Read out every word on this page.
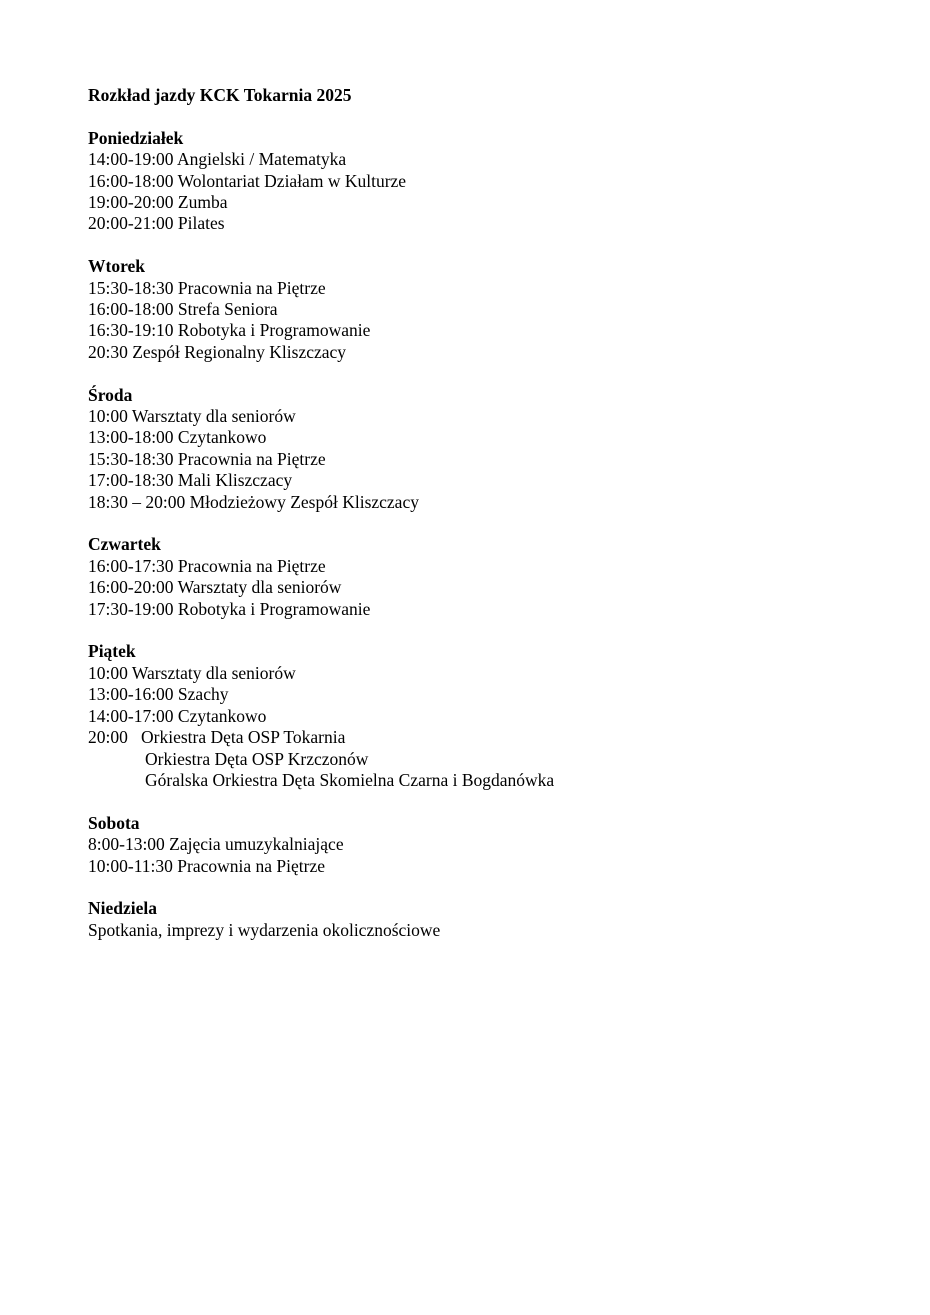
Rozkład jazdy KCK Tokarnia 2025
Poniedziałek

14:00-19:00 Angielski / Matematyka

16:00-18:00 Wolontariat Działam w Kulturze

19:00-20:00 Zumba

20:00-21:00 Pilates

Wtorek

15:30-18:30 Pracownia na Piętrze

16:00-18:00 Strefa Seniora

16:30-19:10 Robotyka i Programowanie

20:30 Zespół Regionalny Kliszczacy

Środa

10:00 Warsztaty dla seniorów

13:00-18:00 Czytankowo

15:30-18:30 Pracownia na Piętrze

17:00-18:30 Mali Kliszczacy

18:30 – 20:00 Młodzieżowy Zespół Kliszczacy

Czwartek

16:00-17:30 Pracownia na Piętrze

16:00-20:00 Warsztaty dla seniorów

17:30-19:00 Robotyka i Programowanie

Piątek

10:00 Warsztaty dla seniorów

13:00-16:00 Szachy

14:00-17:00 Czytankowo

20:00   Orkiestra Dęta OSP Tokarnia

Orkiestra Dęta OSP Krzczonów

Góralska Orkiestra Dęta Skomielna Czarna i Bogdanówka

Sobota

8:00-13:00 Zajęcia umuzykalniające

10:00-11:30 Pracownia na Piętrze

Niedziela

Spotkania, imprezy i wydarzenia okolicznościowe
